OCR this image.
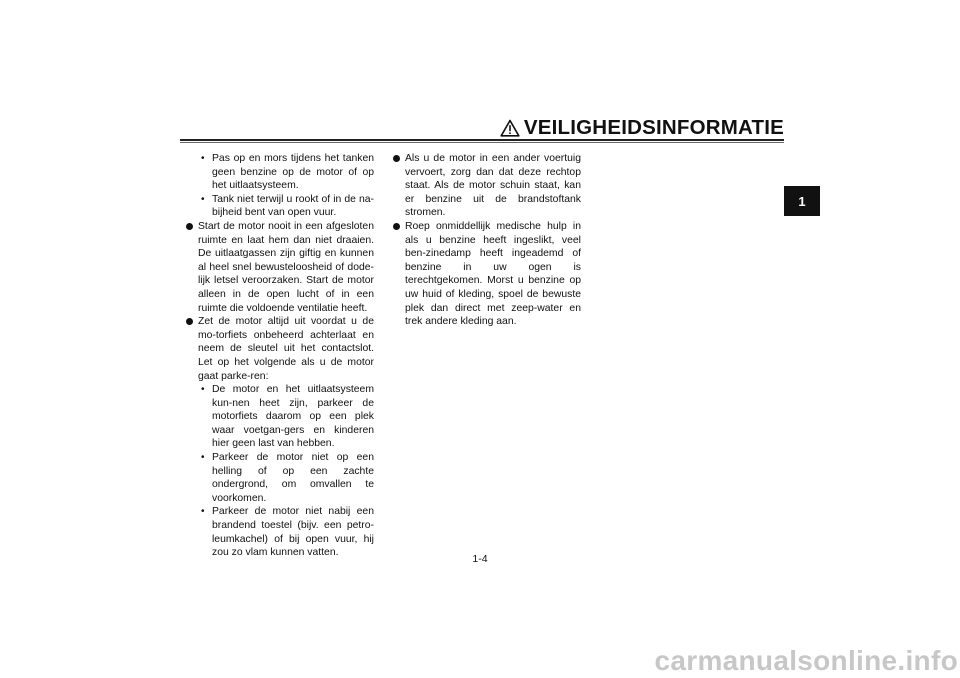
VEILIGHEIDSINFORMATIE
1
• Pas op en mors tijdens het tanken geen benzine op de motor of op het uitlaatsysteem.
• Tank niet terwijl u rookt of in de na-bijheid bent van open vuur.
Start de motor nooit in een afgesloten ruimte en laat hem dan niet draaien. De uitlaatgassen zijn giftig en kunnen al heel snel bewusteloosheid of dode-lijk letsel veroorzaken. Start de motor alleen in de open lucht of in een ruimte die voldoende ventilatie heeft.
Zet de motor altijd uit voordat u de mo-torfiets onbeheerd achterlaat en neem de sleutel uit het contactslot. Let op het volgende als u de motor gaat parke-ren:
• De motor en het uitlaatsysteem kun-nen heet zijn, parkeer de motorfiets daarom op een plek waar voetgan-gers en kinderen hier geen last van hebben.
• Parkeer de motor niet op een helling of op een zachte ondergrond, om omvallen te voorkomen.
• Parkeer de motor niet nabij een brandend toestel (bijv. een petro-leumkachel) of bij open vuur, hij zou zo vlam kunnen vatten.
Als u de motor in een ander voertuig vervoert, zorg dan dat deze rechtop staat. Als de motor schuin staat, kan er benzine uit de brandstoftank stromen.
Roep onmiddellijk medische hulp in als u benzine heeft ingeslikt, veel ben-zinedamp heeft ingeademd of benzine in uw ogen is terechtgekomen. Morst u benzine op uw huid of kleding, spoel de bewuste plek dan direct met zeep-water en trek andere kleding aan.
1-4
carmanualsonline.info
